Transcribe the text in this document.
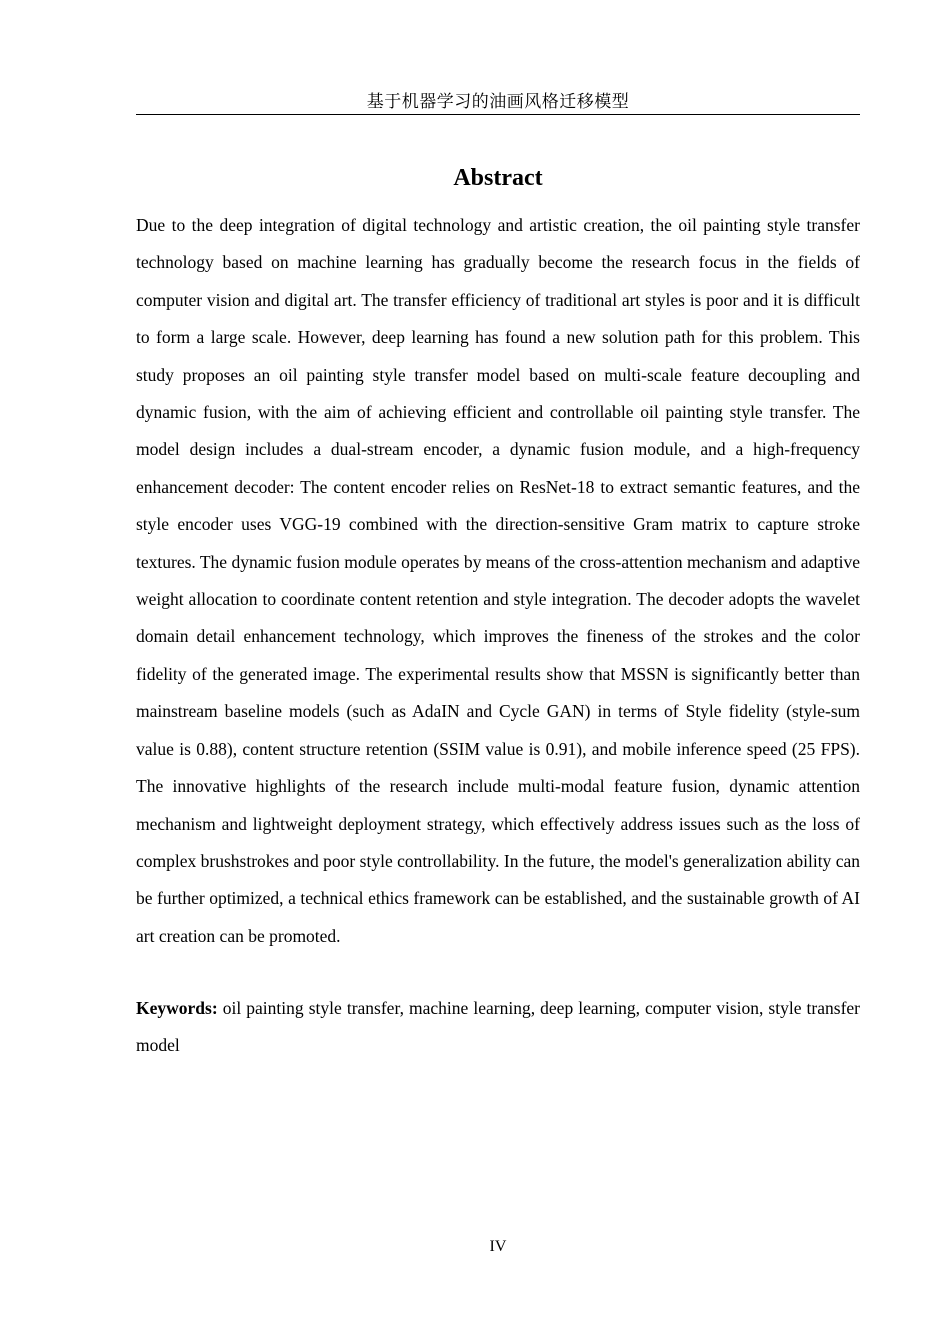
基于机器学习的油画风格迁移模型
Abstract

Due to the deep integration of digital technology and artistic creation, the oil painting style transfer technology based on machine learning has gradually become the research focus in the fields of computer vision and digital art. The transfer efficiency of traditional art styles is poor and it is difficult to form a large scale. However, deep learning has found a new solution path for this problem. This study proposes an oil painting style transfer model based on multi-scale feature decoupling and dynamic fusion, with the aim of achieving efficient and controllable oil painting style transfer. The model design includes a dual-stream encoder, a dynamic fusion module, and a high-frequency enhancement decoder: The content encoder relies on ResNet-18 to extract semantic features, and the style encoder uses VGG-19 combined with the direction-sensitive Gram matrix to capture stroke textures. The dynamic fusion module operates by means of the cross-attention mechanism and adaptive weight allocation to coordinate content retention and style integration. The decoder adopts the wavelet domain detail enhancement technology, which improves the fineness of the strokes and the color fidelity of the generated image. The experimental results show that MSSN is significantly better than mainstream baseline models (such as AdaIN and Cycle GAN) in terms of Style fidelity (style-sum value is 0.88), content structure retention (SSIM value is 0.91), and mobile inference speed (25 FPS). The innovative highlights of the research include multi-modal feature fusion, dynamic attention mechanism and lightweight deployment strategy, which effectively address issues such as the loss of complex brushstrokes and poor style controllability. In the future, the model's generalization ability can be further optimized, a technical ethics framework can be established, and the sustainable growth of AI art creation can be promoted.

Keywords: oil painting style transfer, machine learning, deep learning, computer vision, style transfer model

IV
